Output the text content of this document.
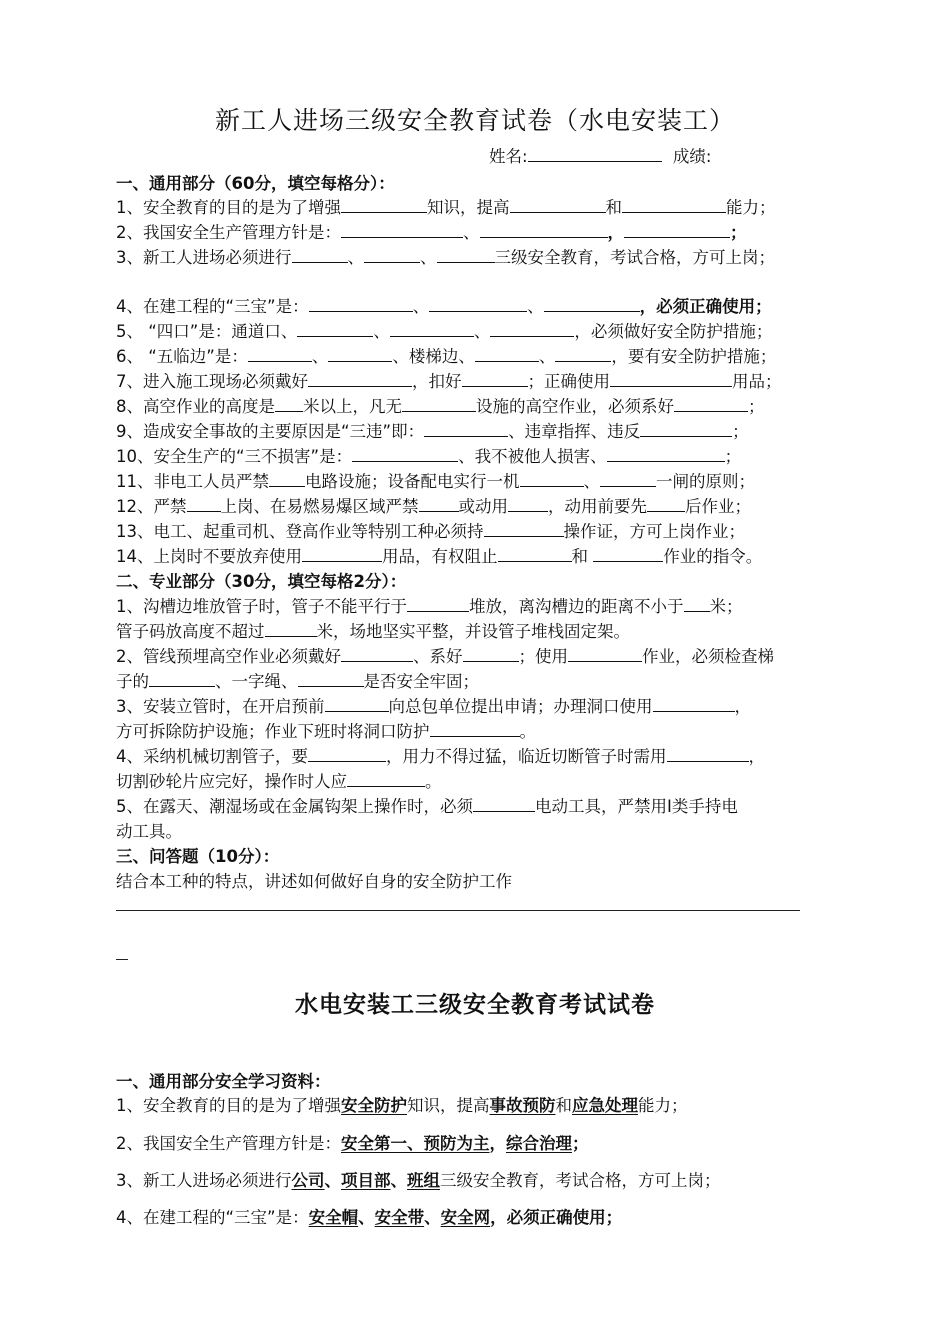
新工人进场三级安全教育试卷（水电安装工）
姓名:	成绩:
一、通用部分（60分，填空每格分）：
1、安全教育的目的是为了增强	知识，提高	和	能力；
2、我国安全生产管理方针是：	、	，	；
3、新工人进场必须进行	、	、	三级安全教育，考试合格，方可上岗；
4、在建工程的“三宝”是：	、	、	，必须正确使用；
5、 “四口”是：通道口、	、	、	，必须做好安全防护措施；
6、 “五临边”是：	、	、楼梯边、	、	，要有安全防护措施；
7、进入施工现场必须戴好	，扣好	；正确使用	用品；
8、高空作业的高度是 米以上，凡无	设施的高空作业，必须系好	；
9、造成安全事故的主要原因是“三违”即：	、违章指挥、违反	；
10、安全生产的“三不损害”是：	、我不被他人损害、	；
11、非电工人员严禁 电路设施；设备配电实行一机	、	一闸的原则；
12、严禁 上岗、在易燃易爆区域严禁 或动用 ，动用前要先 后作业；
13、电工、起重司机、登高作业等特别工种必须持	操作证，方可上岗作业；
14、上岗时不要放弃使用	用品，有权阻止	和	作业的指令。
二、专业部分（30分，填空每格2分）：
1、沟槽边堆放管子时，管子不能平行于	堆放，离沟槽边的距离不小于 米；
管子码放高度不超过	米，场地坚实平整，并设管子堆栈固定架。
2、管线预埋高空作业必须戴好	、系好	；使用	作业，必须检查梯
子的	、一字绳、	是否安全牢固；
3、安装立管时，在开启预前	向总包单位提出申请；办理洞口使用	，
方可拆除防护设施；作业下班时将洞口防护	。
4、采纳机械切割管子，要	，用力不得过猛，临近切断管子时需用	，
切割砂轮片应完好，操作时人应	。
5、在露天、潮湿场或在金属钩架上操作时，必须	电动工具，严禁用Ⅰ类手持电
动工具。
三、问答题（10分）：
结合本工种的特点，讲述如何做好自身的安全防护工作
水电安装工三级安全教育考试试卷
一、通用部分安全学习资料：
1、安全教育的目的是为了增强安全防护知识，提高事故预防和应急处理能力；
2、我国安全生产管理方针是：安全第一、预防为主，综合治理；
3、新工人进场必须进行公司、项目部、班组三级安全教育，考试合格，方可上岗；
4、在建工程的“三宝”是：安全帽、安全带、安全网，必须正确使用；
